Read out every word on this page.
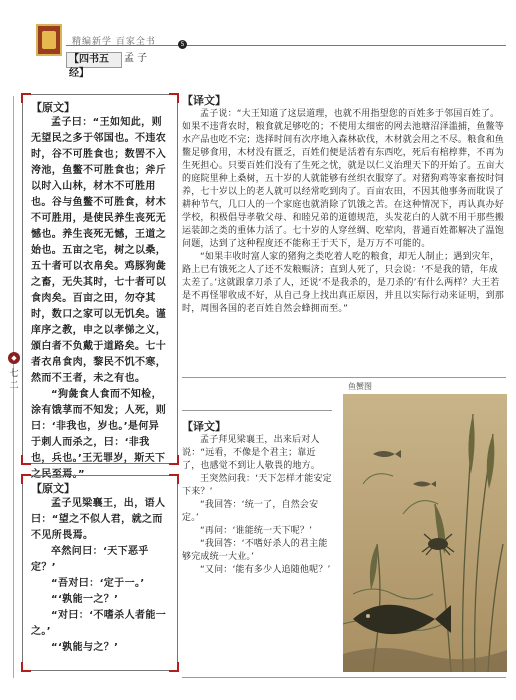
精编新学 百家全书	5
【四书五经】
孟 子
◆
七
二
【原文】

孟子曰：“王如知此，则无望民之多于邻国也。不违农时，谷不可胜食也；数罟不入洿池，鱼鳖不可胜食也；斧斤以时入山林，材木不可胜用也。谷与鱼鳖不可胜食，材木不可胜用，是使民养生丧死无憾也。养生丧死无憾，王道之始也。五亩之宅，树之以桑，五十者可以衣帛矣。鸡豚狗彘之畜，无失其时，七十者可以食肉矣。百亩之田，勿夺其时，数口之家可以无饥矣。谨庠序之教，申之以孝悌之义，颁白者不负戴于道路矣。七十者衣帛食肉，黎民不饥不寒，然而不王者，未之有也。

“狗彘食人食而不知检，涂有饿莩而不知发；人死，则曰：‘非我也，岁也。’是何异于刺人而杀之，曰：‘非我也，兵也。’王无罪岁，斯天下之民至焉。”

【原文】

孟子见梁襄王，出，语人曰：“望之不似人君，就之而不见所畏焉。

卒然问曰：‘天下恶乎定？’

“吾对曰：‘定于一。’

“‘孰能一之？’

“对曰：‘不嗜杀人者能一之。’

“‘孰能与之？’

【译文】

孟子说：“大王知道了这层道理，也就不用指望您的百姓多于邻国百姓了。如果不违背农时，粮食就足够吃的；不使用太细密的网去池塘沼泽滥捕，鱼鳖等水产品也吃不完；选择时间有次序地入森林砍伐，木材就会用之不尽。粮食和鱼鳖足够食用，木材没有匮乏，百姓们便是活着有东西吃，死后有棺椁葬，不再为生死担心。只要百姓们没有了生死之忧，就是以仁义治理天下的开始了。五亩大的庭院里种上桑树，五十岁的人就能够有丝织衣服穿了。对猪狗鸡等家畜按时饲养，七十岁以上的老人就可以经常吃到肉了。百亩农田，不因其他事务而耽误了耕种节气，几口人的一个家庭也就消除了饥饿之苦。在这种情况下，再认真办好学校，积极倡导孝敬父母、和睦兄弟的道德规范，头发花白的人就不用干那些搬运装卸之类的重体力活了。七十岁的人穿丝绸、吃荤肉，普通百姓都解决了温饱问题，达到了这种程度还不能称王于天下，是万万不可能的。

“如果丰收时富人家的猪狗之类吃着人吃的粮食，却无人制止；遇到灾年，路上已有饿死之人了还不发粮赈济；直到人死了，只会说：‘不是我的错，年成太差了。’这就跟拿刀杀了人，还说‘不是我杀的，是刀杀的’有什么两样？大王若是不再怪罪收成不好，从自己身上找出真正原因，并且以实际行动来证明，到那时，周围各国的老百姓自然会蜂拥而至。”

【译文】

孟子拜见梁襄王，出来后对人说：“远看，不像是个君主；靠近了，也感觉不到让人敬畏的地方。

王突然问我：‘天下怎样才能安定下来？’

“我回答：‘统一了，自然会安定。’

“再问：‘谁能统一天下呢？’

“我回答：‘不嗜好杀人的君主能够完成统一大业。’

“又问：‘能有多少人追随他呢？’

鱼蟹图
